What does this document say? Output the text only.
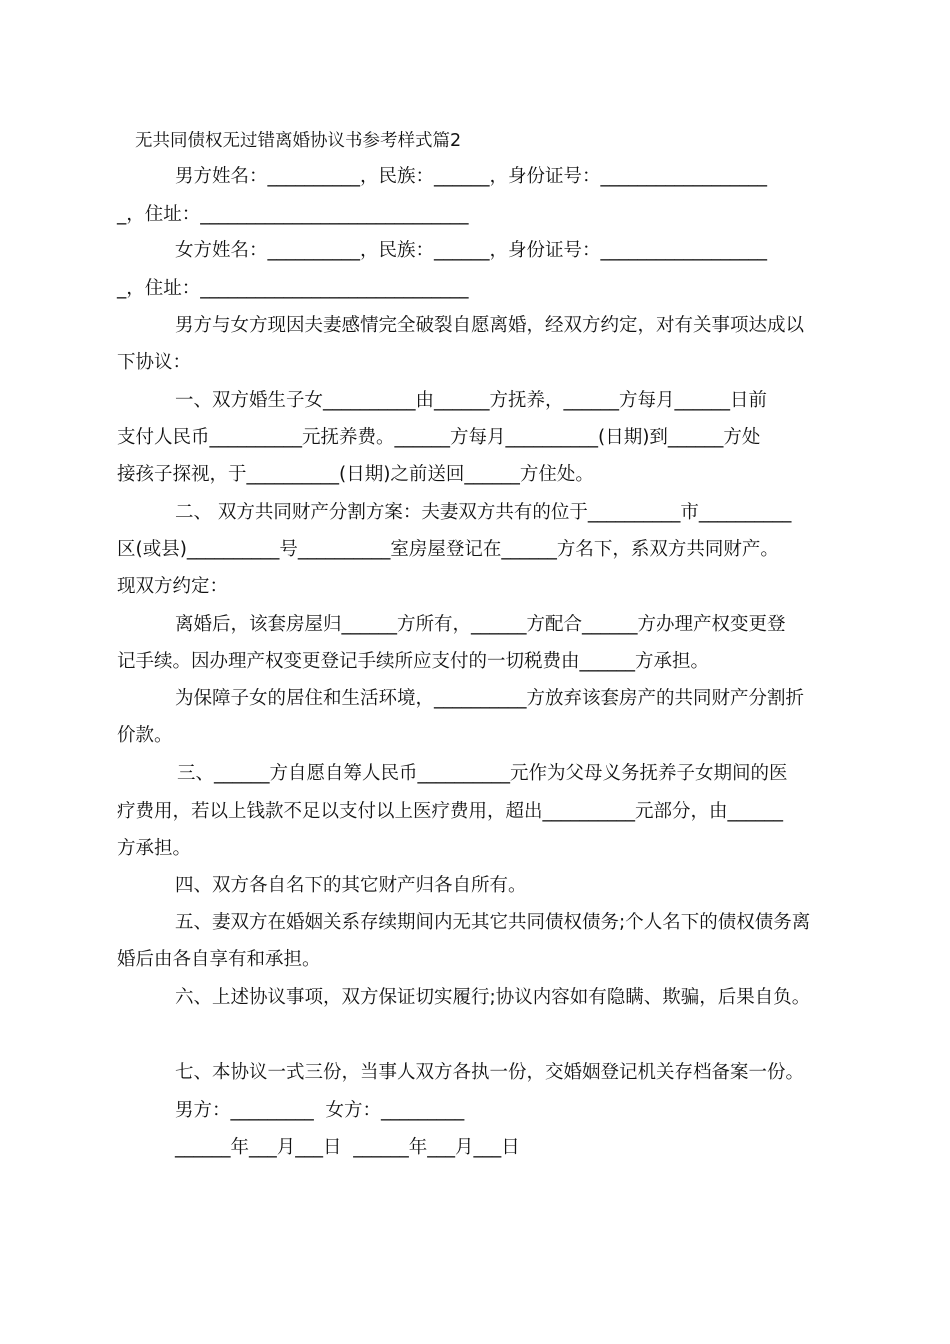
无共同债权无过错离婚协议书参考样式篇2
男方姓名：__________，民族：______，身份证号：__________________
_，住址：_____________________________
女方姓名：__________，民族：______，身份证号：__________________
_，住址：_____________________________
男方与女方现因夫妻感情完全破裂自愿离婚，经双方约定，对有关事项达成以
下协议：
一、双方婚生子女__________由______方抚养，______方每月______日前
支付人民币__________元抚养费。______方每月__________(日期)到______方处
接孩子探视，于__________(日期)之前送回______方住处。
二、 双方共同财产分割方案：夫妻双方共有的位于__________市__________
区(或县)__________号__________室房屋登记在______方名下，系双方共同财产。
现双方约定：
离婚后，该套房屋归______方所有，______方配合______方办理产权变更登
记手续。因办理产权变更登记手续所应支付的一切税费由______方承担。
为保障子女的居住和生活环境，__________方放弃该套房产的共同财产分割折
价款。
三、______方自愿自筹人民币__________元作为父母义务抚养子女期间的医
疗费用，若以上钱款不足以支付以上医疗费用，超出__________元部分，由______
方承担。
四、双方各自名下的其它财产归各自所有。
五、妻双方在婚姻关系存续期间内无其它共同债权债务;个人名下的债权债务离
婚后由各自享有和承担。
六、上述协议事项，双方保证切实履行;协议内容如有隐瞒、欺骗，后果自负。
七、本协议一式三份，当事人双方各执一份，交婚姻登记机关存档备案一份。
男方：_________  女方：_________
______年___月___日  ______年___月___日
